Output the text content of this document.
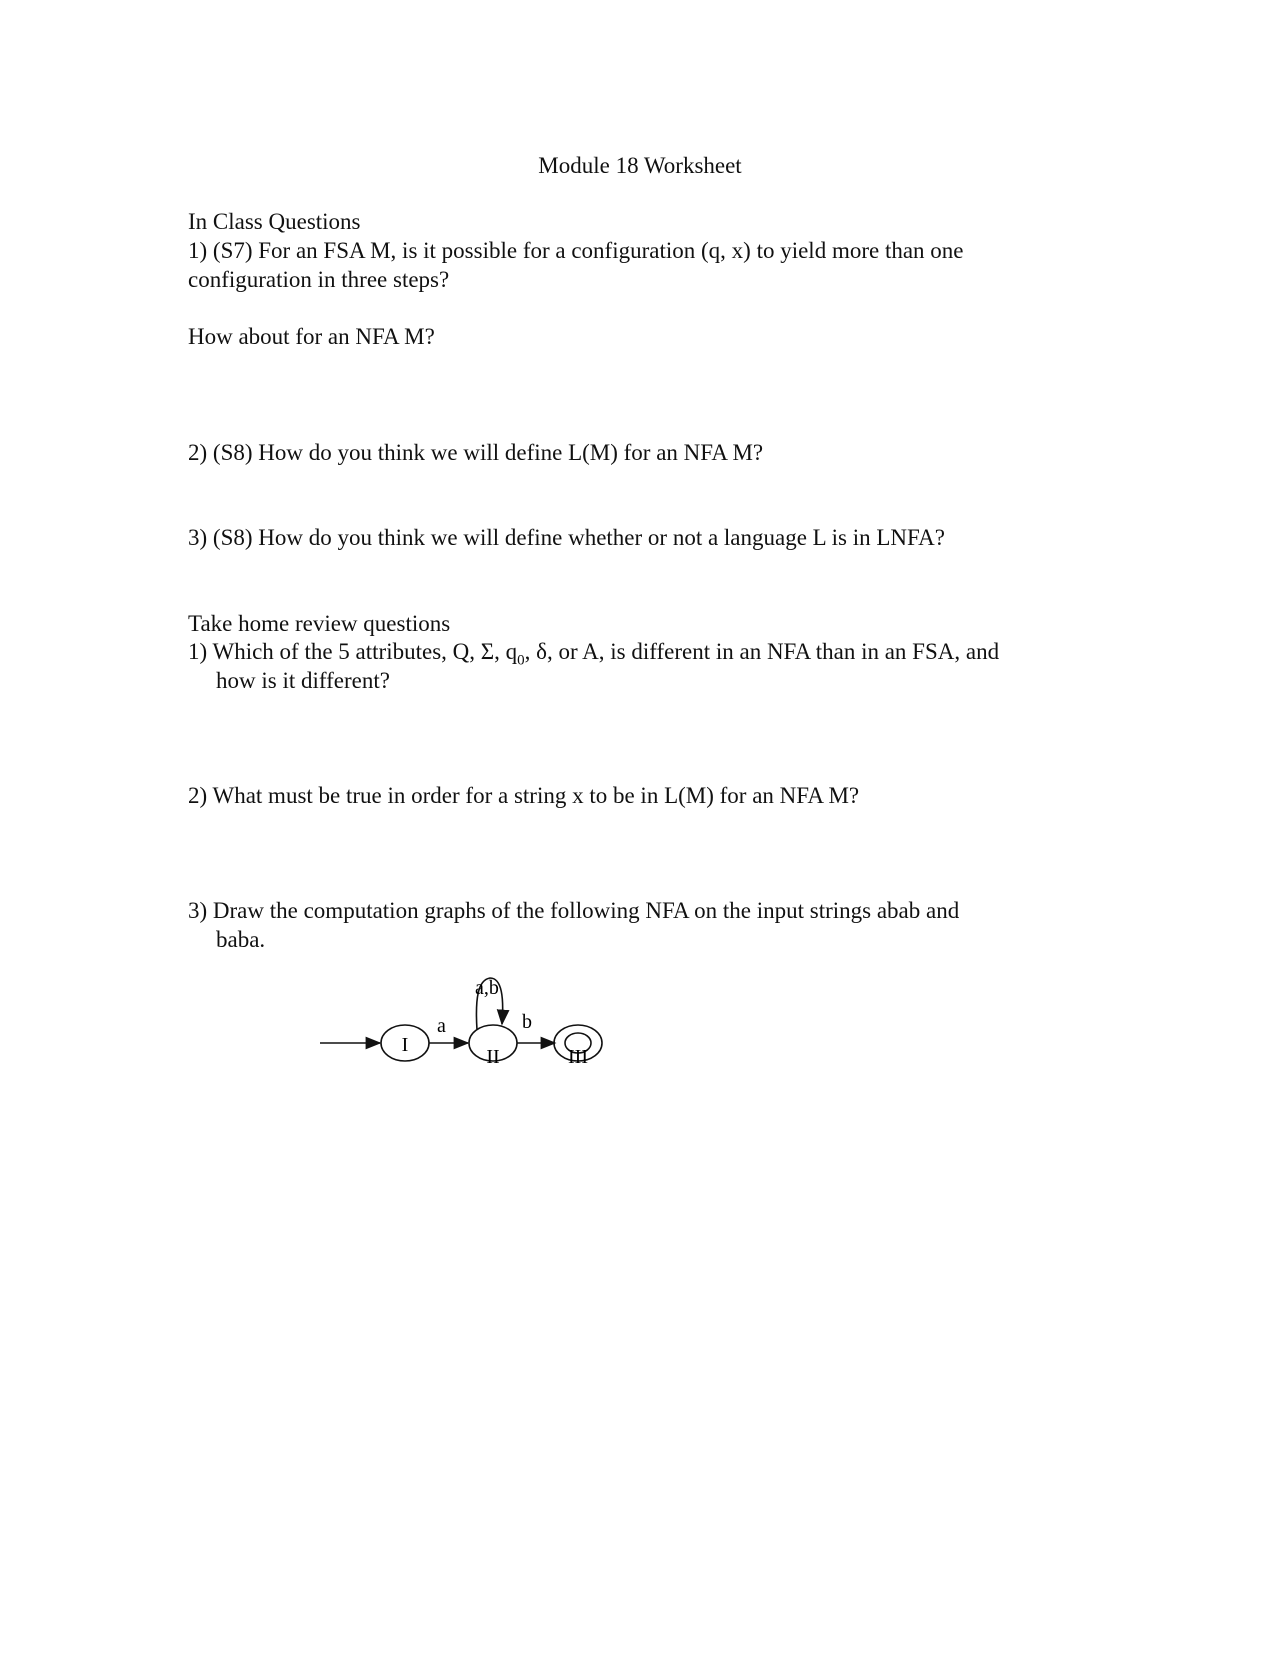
Module 18 Worksheet
In Class Questions
1) (S7) For an FSA M, is it possible for a configuration (q, x) to yield more than one
configuration in three steps?
How about for an NFA M?
2) (S8) How do you think we will define L(M) for an NFA M?
3) (S8) How do you think we will define whether or not a language L is in LNFA?
Take home review questions
1) Which of the 5 attributes, Q, Σ, $q_0$, δ, or A, is different in an NFA than in an FSA, and
how is it different?
2) What must be true in order for a string x to be in L(M) for an NFA M?
3) Draw the computation graphs of the following NFA on the input strings abab and
baba.
I
a
II
a,b
b
III
